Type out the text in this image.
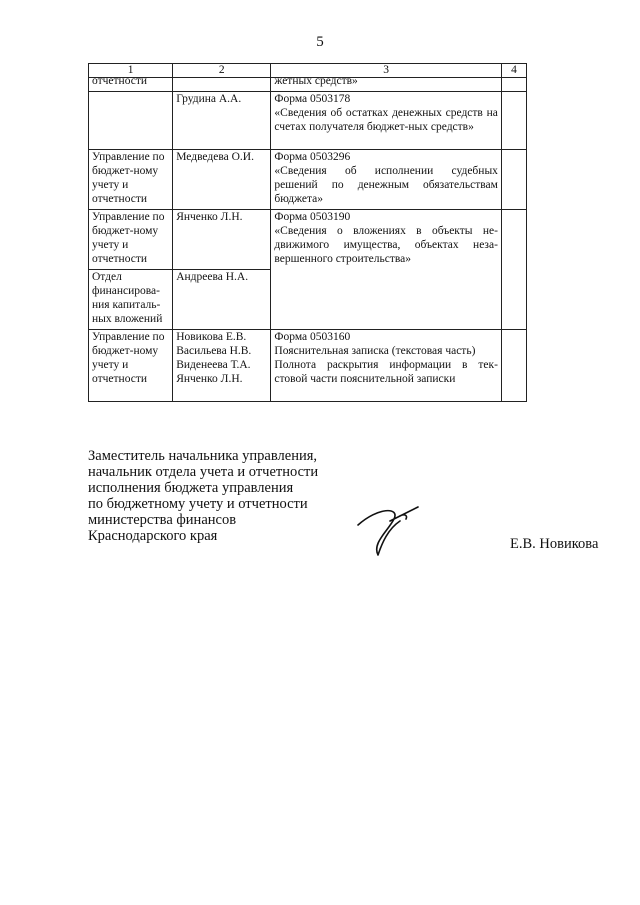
5
1	2	3	4

отчетности		жетных средств»	

	Грудина А.А.	Форма 0503178
«Сведения об остатках денежных средств на счетах получателя бюджет-ных средств»	

Управление по бюджет-ному учету и отчетности	Медведева О.И.	Форма 0503296
«Сведения об исполнении судебных решений по денежным обязательствам бюджета»	

Управление по бюджет-ному учету и отчетности	Янченко Л.Н.	Форма 0503190
«Сведения о вложениях в объекты не-движимого имущества, объектах неза-вершенного строительства»	

Отдел финансирова-ния капиталь-ных вложений	Андреева Н.А.		

Управление по бюджет-ному учету и отчетности	Новикова Е.В. Васильева Н.В. Виденеева Т.А. Янченко Л.Н.	Форма 0503160
Пояснительная записка (текстовая часть)
Полнота раскрытия информации в тек-стовой части пояснительной записки	

Заместитель начальника управления,
начальник отдела учета и отчетности
исполнения бюджета управления
по бюджетному учету и отчетности
министерства финансов
Краснодарского края	Е.В. Новикова
